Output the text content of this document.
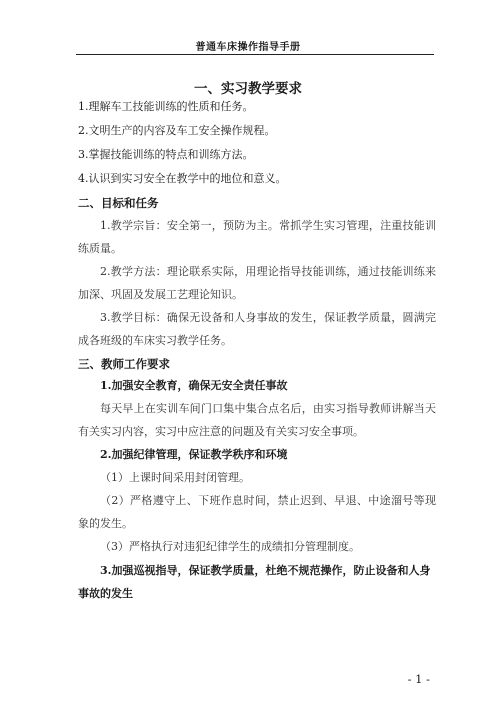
普通车床操作指导手册
一、实习教学要求
1.理解车工技能训练的性质和任务。
2.文明生产的内容及车工安全操作规程。
3.掌握技能训练的特点和训练方法。
4.认识到实习安全在教学中的地位和意义。
二、目标和任务

1.教学宗旨：安全第一，预防为主。常抓学生实习管理，注重技能训练质量。

2.教学方法：理论联系实际，用理论指导技能训练，通过技能训练来加深、巩固及发展工艺理论知识。

3.教学目标：确保无设备和人身事故的发生，保证教学质量，圆满完成各班级的车床实习教学任务。

三、教师工作要求

1.加强安全教育，确保无安全责任事故

每天早上在实训车间门口集中集合点名后，由实习指导教师讲解当天有关实习内容，实习中应注意的问题及有关实习安全事项。

2.加强纪律管理，保证教学秩序和环境

（1）上课时间采用封闭管理。

（2）严格遵守上、下班作息时间，禁止迟到、早退、中途溜号等现象的发生。

（3）严格执行对违犯纪律学生的成绩扣分管理制度。

3.加强巡视指导，保证教学质量，杜绝不规范操作，防止设备和人身事故的发生

- 1 -
